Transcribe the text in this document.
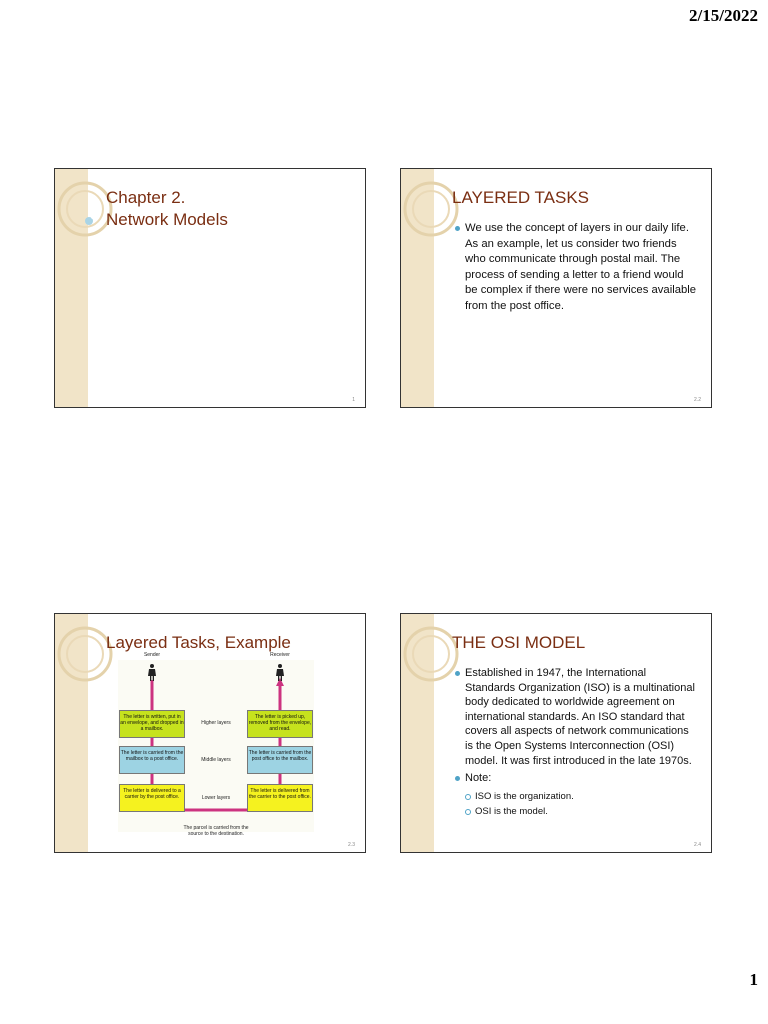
2/15/2022
Chapter 2.
Network Models
1
LAYERED TASKS
We use the concept of layers in our daily life. As an example, let us consider two friends who communicate through postal mail. The process of sending a letter to a friend would be complex if there were no services available from the post office.
2.2
Layered Tasks, Example
Sender	Receiver
The letter is written, put in an envelope, and dropped in a mailbox.
The letter is carried from the mailbox to a post office.
The letter is delivered to a carrier by the post office.
The letter is picked up, removed from the envelope, and read.
The letter is carried from the post office to the mailbox.
The letter is delivered from the carrier to the post office.
Higher layers
Middle layers
Lower layers
The parcel is carried from the source to the destination.
2.3
THE OSI MODEL
Established in 1947, the International Standards Organization (ISO) is a multinational body dedicated to worldwide agreement on international standards. An ISO standard that covers all aspects of network communications is the Open Systems Interconnection (OSI) model. It was first introduced in the late 1970s.
Note:
ISO is the organization.
OSI is the model.
2.4
1
